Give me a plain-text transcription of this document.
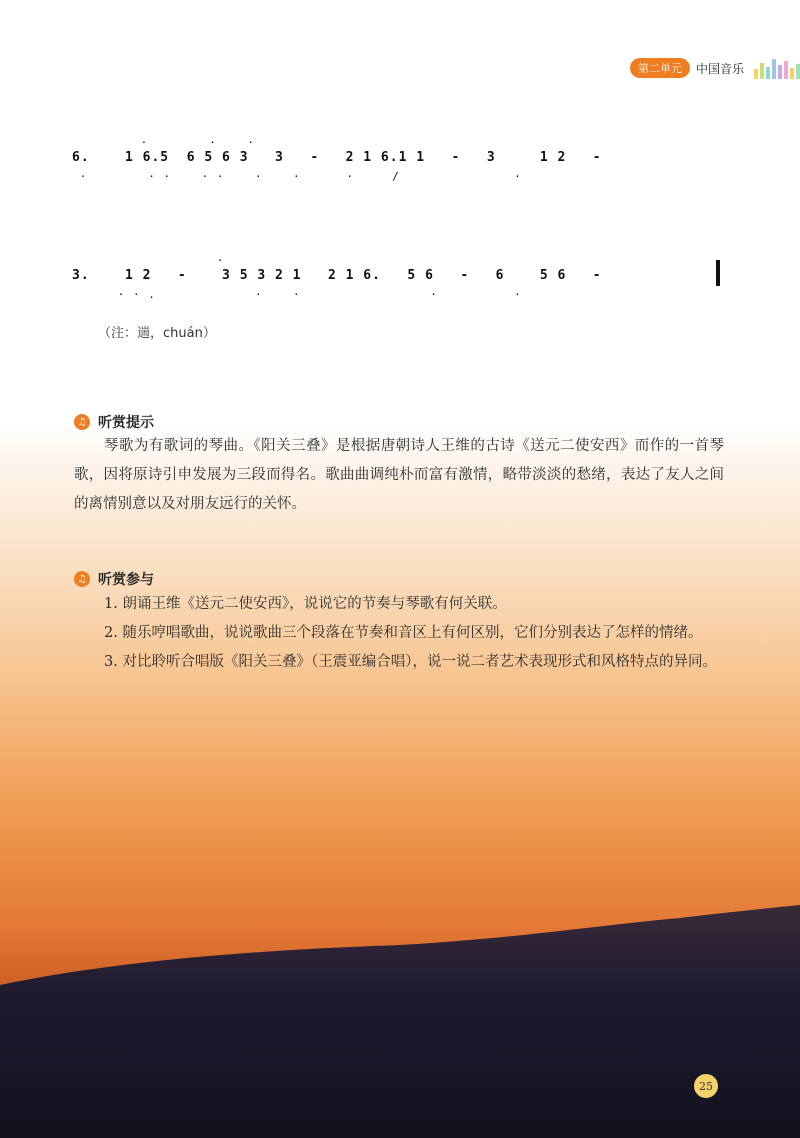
第二单元	中国音乐
·        ·    ·
6.    1 6.5  6 5 6 3   3   -   2 1 6.1 1   -   3     1 2   -
·        · ·    · ·    ·    ·      ·     /               ·
·
3.    1 2   -    3 5 3 2 1   2 1 6.   5 6   -   6    5 6   -
· · .             ·    ·                 ·          ·
（注：遄，chuán）
♫ 听赏提示

琴歌为有歌词的琴曲。《阳关三叠》是根据唐朝诗人王维的古诗《送元二使安西》而作的一首琴歌，因将原诗引申发展为三段而得名。歌曲曲调纯朴而富有激情，略带淡淡的愁绪，表达了友人之间的离情别意以及对朋友远行的关怀。

♫ 听赏参与

1. 朗诵王维《送元二使安西》，说说它的节奏与琴歌有何关联。

2. 随乐哼唱歌曲，说说歌曲三个段落在节奏和音区上有何区别，它们分别表达了怎样的情绪。

3. 对比聆听合唱版《阳关三叠》（王震亚编合唱），说一说二者艺术表现形式和风格特点的异同。

25
